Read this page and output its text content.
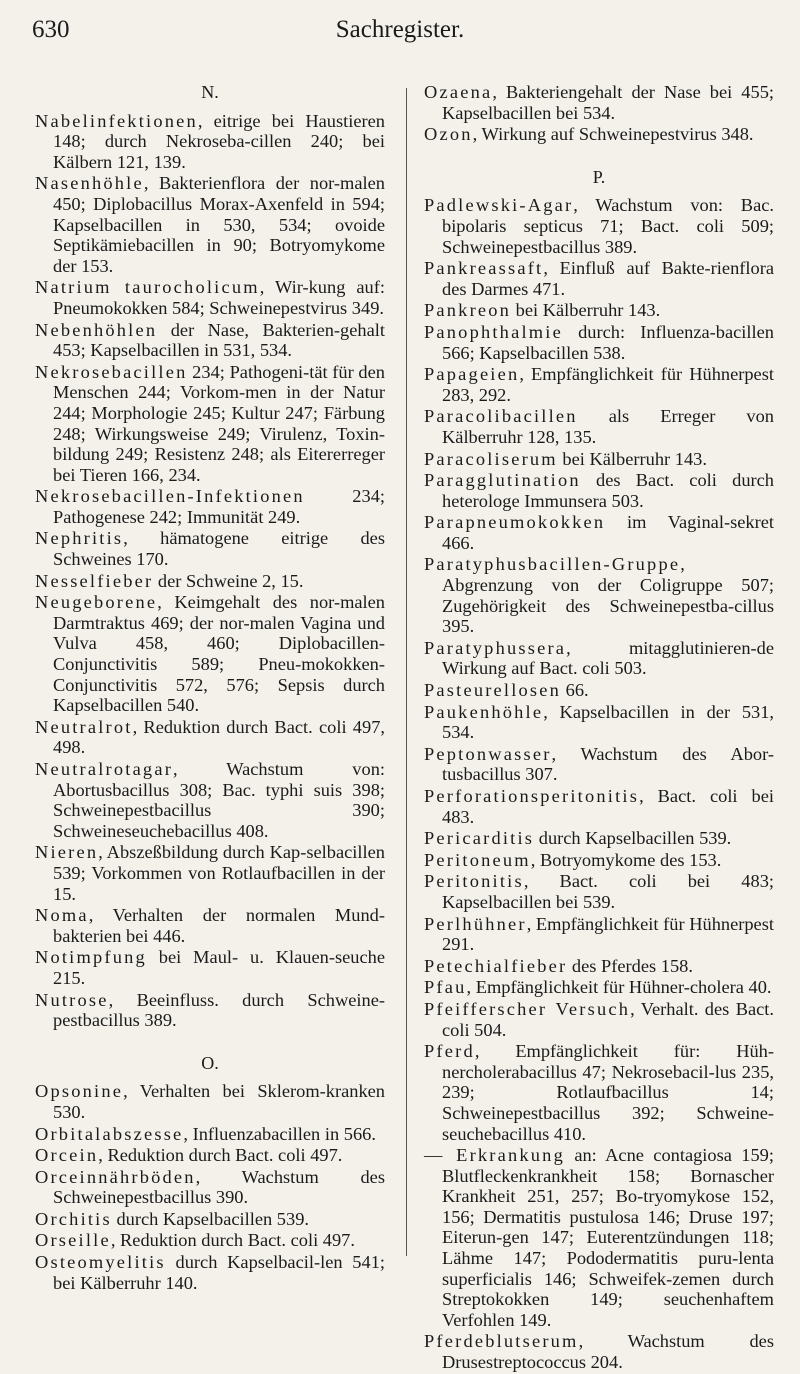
630	Sachregister.
N.
Nabelinfektionen, eitrige bei Haustieren 148; durch Nekroseba-cillen 240; bei Kälbern 121, 139.
Nasenhöhle, Bakterienflora der nor-malen 450; Diplobacillus Morax-Axenfeld in 594; Kapselbacillen in 530, 534; ovoide Septikämiebacillen in 90; Botryomykome der 153.
Natrium taurocholicum, Wir-kung auf: Pneumokokken 584; Schweinepestvirus 349.
Nebenhöhlen der Nase, Bakterien-gehalt 453; Kapselbacillen in 531, 534.
Nekrosebacillen 234; Pathogeni-tät für den Menschen 244; Vorkom-men in der Natur 244; Morphologie 245; Kultur 247; Färbung 248; Wirkungsweise 249; Virulenz, Toxin-bildung 249; Resistenz 248; als Eitererreger bei Tieren 166, 234.
Nekrosebacillen-Infektionen 234; Pathogenese 242; Immunität 249.
Nephritis, hämatogene eitrige des Schweines 170.
Nesselfieber der Schweine 2, 15.
Neugeborene, Keimgehalt des nor-malen Darmtraktus 469; der nor-malen Vagina und Vulva 458, 460; Diplobacillen-Conjunctivitis 589; Pneu-mokokken-Conjunctivitis 572, 576; Sepsis durch Kapselbacillen 540.
Neutralrot, Reduktion durch Bact. coli 497, 498.
Neutralrotagar, Wachstum von: Abortusbacillus 308; Bac. typhi suis 398; Schweinepestbacillus 390; Schweineseuchebacillus 408.
Nieren, Abszeßbildung durch Kap-selbacillen 539; Vorkommen von Rotlaufbacillen in der 15.
Noma, Verhalten der normalen Mund-bakterien bei 446.
Notimpfung bei Maul- u. Klauen-seuche 215.
Nutrose, Beeinfluss. durch Schweine-pestbacillus 389.
O.
Opsonine, Verhalten bei Sklerom-kranken 530.
Orbitalabszesse, Influenzabacillen in 566.
Orcein, Reduktion durch Bact. coli 497.
Orceinnährböden, Wachstum des Schweinepestbacillus 390.
Orchitis durch Kapselbacillen 539.
Orseille, Reduktion durch Bact. coli 497.
Osteomyelitis durch Kapselbacil-len 541; bei Kälberruhr 140.
Ozaena, Bakteriengehalt der Nase bei 455; Kapselbacillen bei 534.
Ozon, Wirkung auf Schweinepestvirus 348.
P.
Padlewski-Agar, Wachstum von: Bac. bipolaris septicus 71; Bact. coli 509; Schweinepestbacillus 389.
Pankreassaft, Einfluß auf Bakte-rienflora des Darmes 471.
Pankreon bei Kälberruhr 143.
Panophthalmie durch: Influenza-bacillen 566; Kapselbacillen 538.
Papageien, Empfänglichkeit für Hühnerpest 283, 292.
Paracolibacillen als Erreger von Kälberruhr 128, 135.
Paracoliserum bei Kälberruhr 143.
Paragglutination des Bact. coli durch heterologe Immunsera 503.
Parapneumokokken im Vaginal-sekret 466.
Paratyphusbacillen-Gruppe, Abgrenzung von der Coligruppe 507; Zugehörigkeit des Schweinepestba-cillus 395.
Paratyphussera, mitagglutinieren-de Wirkung auf Bact. coli 503.
Pasteurellosen 66.
Paukenhöhle, Kapselbacillen in der 531, 534.
Peptonwasser, Wachstum des Abor-tusbacillus 307.
Perforationsperitonitis, Bact. coli bei 483.
Pericarditis durch Kapselbacillen 539.
Peritoneum, Botryomykome des 153.
Peritonitis, Bact. coli bei 483; Kapselbacillen bei 539.
Perlhühner, Empfänglichkeit für Hühnerpest 291.
Petechialfieber des Pferdes 158.
Pfau, Empfänglichkeit für Hühner-cholera 40.
Pfeifferscher Versuch, Verhalt. des Bact. coli 504.
Pferd, Empfänglichkeit für: Hüh-nercholerabacillus 47; Nekrosebacil-lus 235, 239; Rotlaufbacillus 14; Schweinepestbacillus 392; Schweine-seuchebacillus 410.
— Erkrankung an: Acne contagiosa 159; Blutfleckenkrankheit 158; Bornascher Krankheit 251, 257; Bo-tryomykose 152, 156; Dermatitis pustulosa 146; Druse 197; Eiterun-gen 147; Euterentzündungen 118; Lähme 147; Pododermatitis puru-lenta superficialis 146; Schweifek-zemen durch Streptokokken 149; seuchenhaftem Verfohlen 149.
Pferdeblutserum, Wachstum des Drusestreptococcus 204.
